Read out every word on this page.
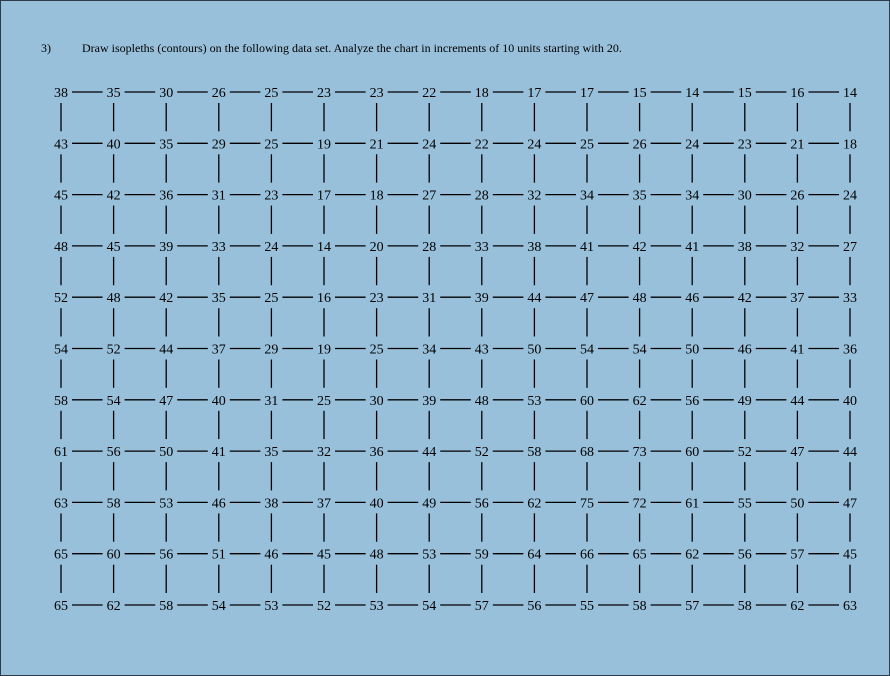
3)	Draw isopleths (contours) on the following data set. Analyze the chart in increments of 10 units starting with 20.
38	35	30	26	25	23	23	22	18	17	17	15	14	15	16	14
43	40	35	29	25	19	21	24	22	24	25	26	24	23	21	18
45	42	36	31	23	17	18	27	28	32	34	35	34	30	26	24
48	45	39	33	24	14	20	28	33	38	41	42	41	38	32	27
52	48	42	35	25	16	23	31	39	44	47	48	46	42	37	33
54	52	44	37	29	19	25	34	43	50	54	54	50	46	41	36
58	54	47	40	31	25	30	39	48	53	60	62	56	49	44	40
61	56	50	41	35	32	36	44	52	58	68	73	60	52	47	44
63	58	53	46	38	37	40	49	56	62	75	72	61	55	50	47
65	60	56	51	46	45	48	53	59	64	66	65	62	56	57	45
65	62	58	54	53	52	53	54	57	56	55	58	57	58	62	63
